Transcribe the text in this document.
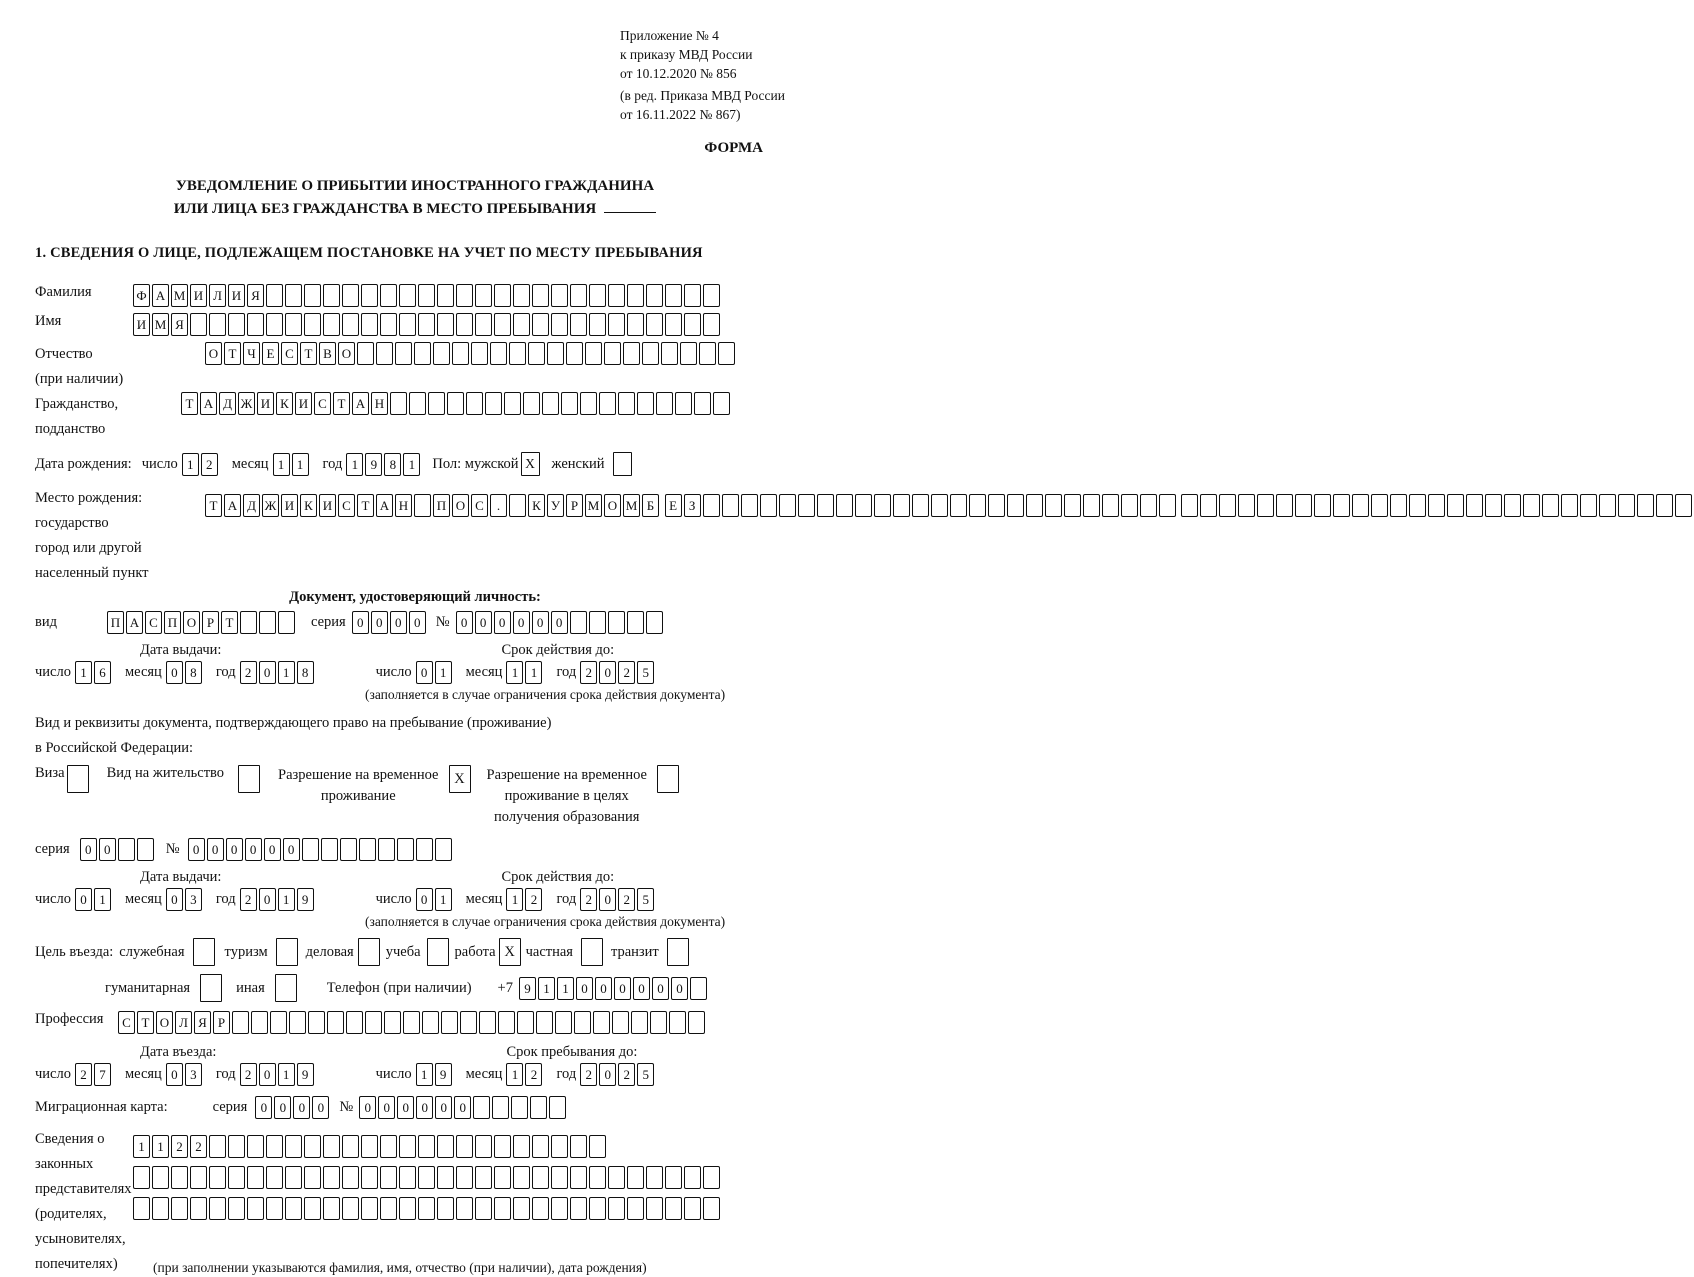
Приложение № 4
к приказу МВД России
от 10.12.2020 № 856
(в ред. Приказа МВД России
от 16.11.2022 № 867)
ФОРМА
УВЕДОМЛЕНИЕ О ПРИБЫТИИ ИНОСТРАННОГО ГРАЖДАНИНА
ИЛИ ЛИЦА БЕЗ ГРАЖДАНСТВА В МЕСТО ПРЕБЫВАНИЯ
1. СВЕДЕНИЯ О ЛИЦЕ, ПОДЛЕЖАЩЕМ ПОСТАНОВКЕ НА УЧЕТ ПО МЕСТУ ПРЕБЫВАНИЯ
Фамилия	Ф А М И Л И Я
Имя	И М Я
Отчество
(при наличии)
О Т Ч Е С Т В О
Гражданство,
подданство
Т А Д Ж И К И С Т А Н
Дата рождения: число 1 2	месяц 1 1	год 1 9 8 1	Пол: мужской X	женский
Место рождения:
государство
город или другой
населенный пункт
Т А Д Ж И К И С Т А Н П О С . К У Р М О М Б Е З
Документ, удостоверяющий личность:
вид	П А С П О Р Т	серия 0 0 0 0	№ 0 0 0 0 0 0
Дата выдачи:	Срок действия до:
число 1 6	месяц 0 8	год 2 0 1 8	число 0 1	месяц 1 1	год 2 0 2 5
(заполняется в случае ограничения срока действия документа)
Вид и реквизиты документа, подтверждающего право на пребывание (проживание)
в Российской Федерации:
Виза	Вид на жительство	Разрешение на временное
проживание
X	Разрешение на временное
проживание в целях
получения образования
серия	0 0	№	0 0 0 0 0 0
Дата выдачи:	Срок действия до:
число 0 1	месяц 0 3	год 2 0 1 9	число 0 1	месяц 1 2	год 2 0 2 5
(заполняется в случае ограничения срока действия документа)
Цель въезда: служебная	туризм	деловая учеба работа X частная	транзит
гуманитарная	иная	Телефон (при наличии) +7 9 1 1 0 0 0 0 0 0
Профессия	С Т О Л Я Р
Дата въезда:	Срок пребывания до:
число 2 7	месяц 0 3	год 2 0 1 9	число 1 9	месяц 1 2	год 2 0 2 5
Миграционная карта:	серия	0 0 0 0	№ 0 0 0 0 0 0
Сведения о
законных
представителях
(родителях,
усыновителях,
попечителях)
1 1 2 2
(при заполнении указываются фамилия, имя, отчество (при наличии), дата рождения)
